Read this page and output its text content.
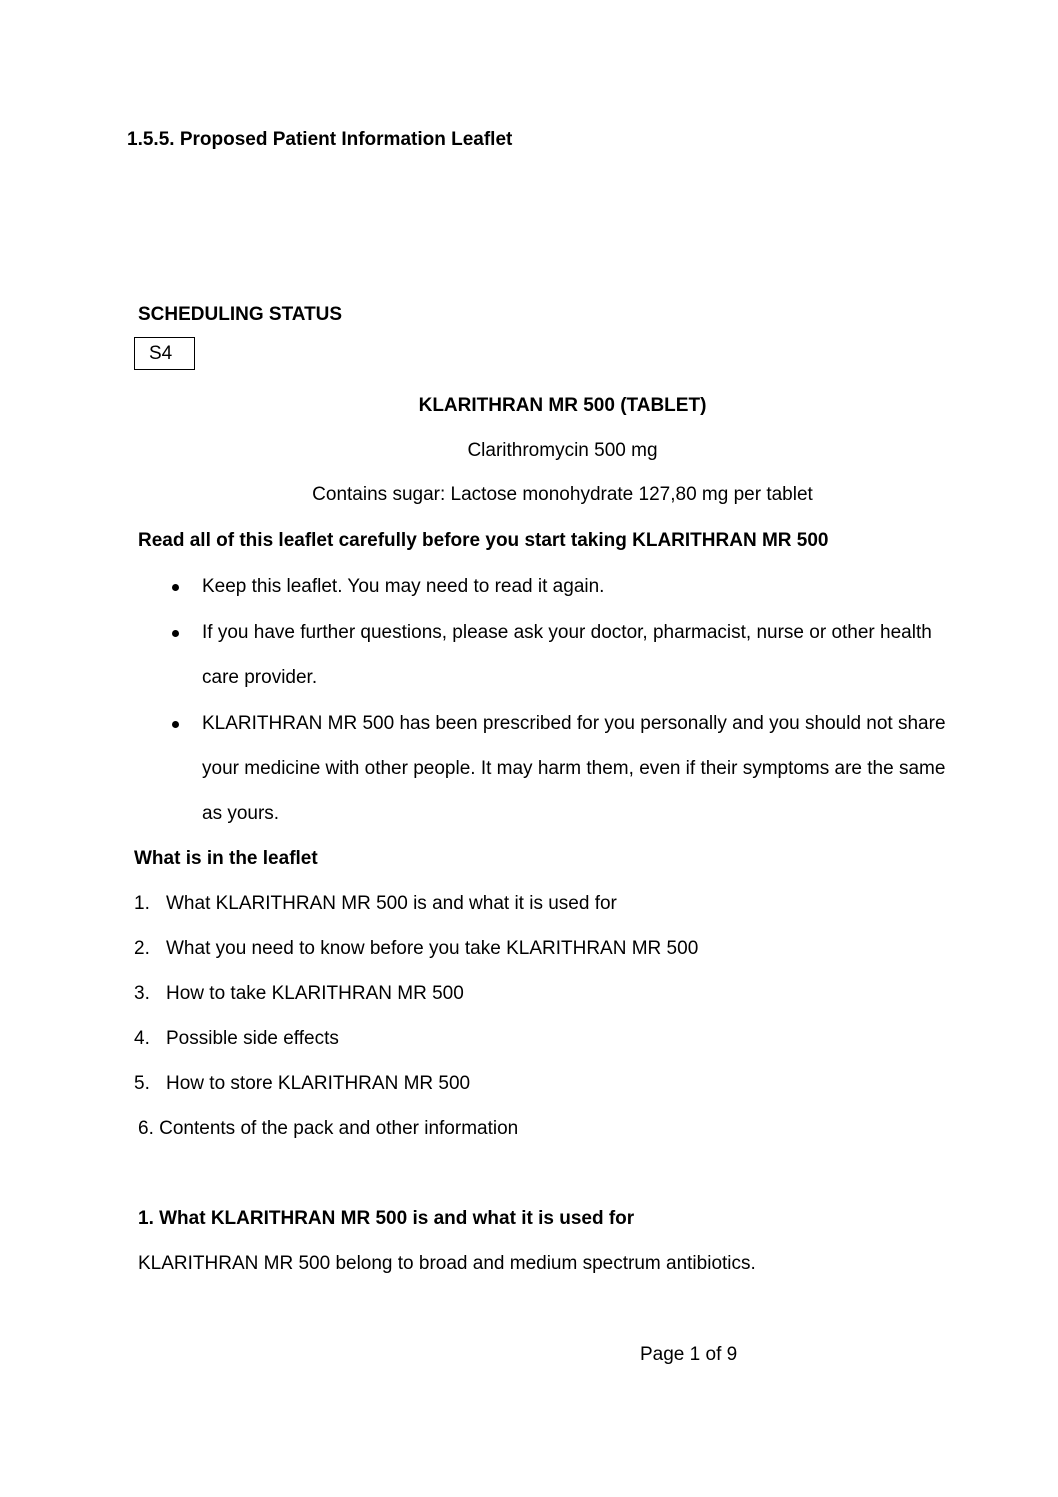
1.5.5. Proposed Patient Information Leaflet
SCHEDULING STATUS
S4
KLARITHRAN MR 500 (TABLET)
Clarithromycin 500 mg
Contains sugar: Lactose monohydrate 127,80 mg per tablet
Read all of this leaflet carefully before you start taking KLARITHRAN MR 500
Keep this leaflet. You may need to read it again.
If you have further questions, please ask your doctor, pharmacist, nurse or other health
care provider.
KLARITHRAN MR 500 has been prescribed for you personally and you should not share
your medicine with other people. It may harm them, even if their symptoms are the same
as yours.
What is in the leaflet
1. What KLARITHRAN MR 500 is and what it is used for
2. What you need to know before you take KLARITHRAN MR 500
3. How to take KLARITHRAN MR 500
4. Possible side effects
5. How to store KLARITHRAN MR 500
6. Contents of the pack and other information
1. What KLARITHRAN MR 500 is and what it is used for
KLARITHRAN MR 500 belong to broad and medium spectrum antibiotics.
Page 1 of 9
